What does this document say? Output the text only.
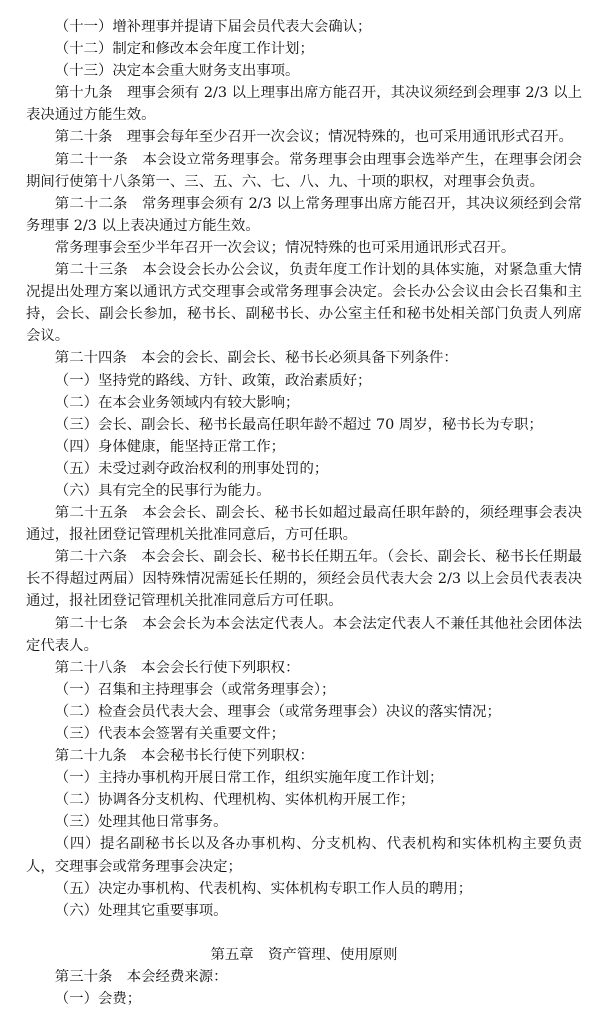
（十一）增补理事并提请下届会员代表大会确认；

（十二）制定和修改本会年度工作计划；

（十三）决定本会重大财务支出事项。

第十九条 理事会须有 2/3 以上理事出席方能召开，其决议须经到会理事 2/3 以上表决通过方能生效。

第二十条 理事会每年至少召开一次会议；情况特殊的，也可采用通讯形式召开。

第二十一条 本会设立常务理事会。常务理事会由理事会选举产生，在理事会闭会期间行使第十八条第一、三、五、六、七、八、九、十项的职权，对理事会负责。

第二十二条 常务理事会须有 2/3 以上常务理事出席方能召开，其决议须经到会常务理事 2/3 以上表决通过方能生效。

常务理事会至少半年召开一次会议；情况特殊的也可采用通讯形式召开。

第二十三条 本会设会长办公会议，负责年度工作计划的具体实施，对紧急重大情况提出处理方案以通讯方式交理事会或常务理事会决定。会长办公会议由会长召集和主持，会长、副会长参加，秘书长、副秘书长、办公室主任和秘书处相关部门负责人列席会议。

第二十四条 本会的会长、副会长、秘书长必须具备下列条件：

（一）坚持党的路线、方针、政策，政治素质好；

（二）在本会业务领域内有较大影响；

（三）会长、副会长、秘书长最高任职年龄不超过 70 周岁，秘书长为专职；

（四）身体健康，能坚持正常工作；

（五）未受过剥夺政治权利的刑事处罚的；

（六）具有完全的民事行为能力。

第二十五条 本会会长、副会长、秘书长如超过最高任职年龄的，须经理事会表决通过，报社团登记管理机关批准同意后，方可任职。

第二十六条 本会会长、副会长、秘书长任期五年。（会长、副会长、秘书长任期最长不得超过两届）因特殊情况需延长任期的，须经会员代表大会 2/3 以上会员代表表决通过，报社团登记管理机关批准同意后方可任职。

第二十七条 本会会长为本会法定代表人。本会法定代表人不兼任其他社会团体法定代表人。

第二十八条 本会会长行使下列职权：

（一）召集和主持理事会（或常务理事会）；

（二）检查会员代表大会、理事会（或常务理事会）决议的落实情况；

（三）代表本会签署有关重要文件；

第二十九条 本会秘书长行使下列职权：

（一）主持办事机构开展日常工作，组织实施年度工作计划；

（二）协调各分支机构、代理机构、实体机构开展工作；

（三）处理其他日常事务。

（四）提名副秘书长以及各办事机构、分支机构、代表机构和实体机构主要负责人，交理事会或常务理事会决定；

（五）决定办事机构、代表机构、实体机构专职工作人员的聘用；

（六）处理其它重要事项。

第五章 资产管理、使用原则

第三十条 本会经费来源：

（一）会费；
